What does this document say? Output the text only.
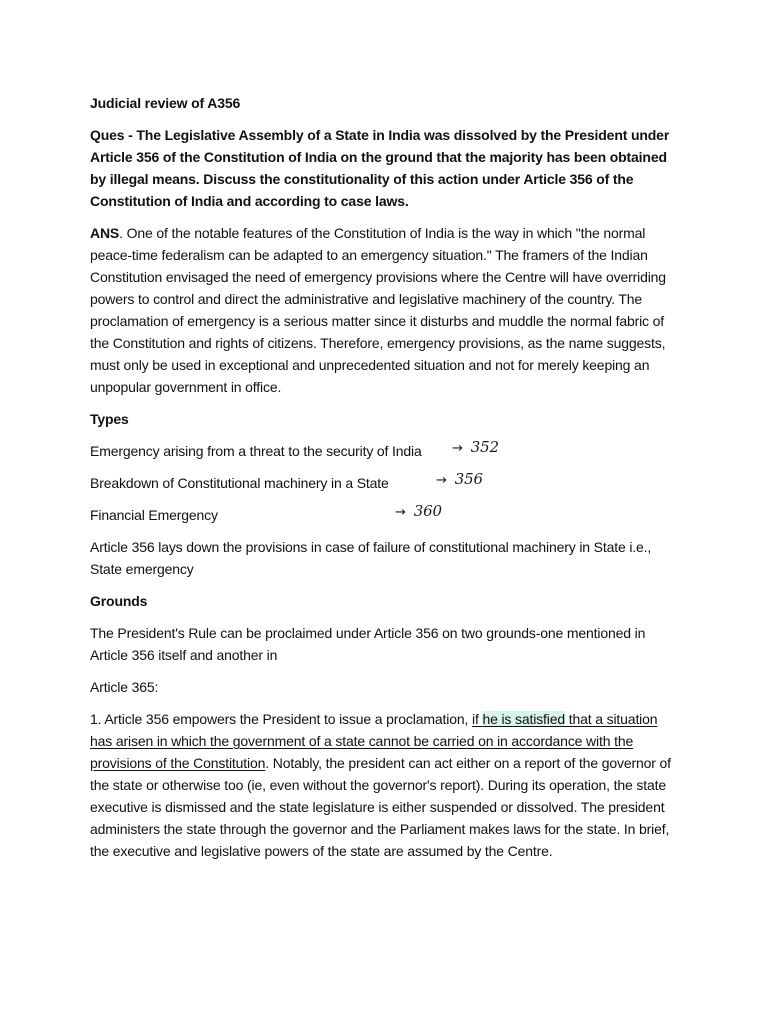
Judicial review of A356

Ques - The Legislative Assembly of a State in India was dissolved by the President under Article 356 of the Constitution of India on the ground that the majority has been obtained by illegal means. Discuss the constitutionality of this action under Article 356 of the Constitution of India and according to case laws.

ANS. One of the notable features of the Constitution of India is the way in which "the normal peace-time federalism can be adapted to an emergency situation." The framers of the Indian Constitution envisaged the need of emergency provisions where the Centre will have overriding powers to control and direct the administrative and legislative machinery of the country. The proclamation of emergency is a serious matter since it disturbs and muddle the normal fabric of the Constitution and rights of citizens. Therefore, emergency provisions, as the name suggests, must only be used in exceptional and unprecedented situation and not for merely keeping an unpopular government in office.

Types

Emergency arising from a threat to the security of India → 352
Breakdown of Constitutional machinery in a State	→ 356
Financial Emergency	→ 360

Article 356 lays down the provisions in case of failure of constitutional machinery in State i.e., State emergency

Grounds

The President's Rule can be proclaimed under Article 356 on two grounds-one mentioned in Article 356 itself and another in

Article 365:

1. Article 356 empowers the President to issue a proclamation, if he is satisfied that a situation has arisen in which the government of a state cannot be carried on in accordance with the provisions of the Constitution. Notably, the president can act either on a report of the governor of the state or otherwise too (ie, even without the governor's report). During its operation, the state executive is dismissed and the state legislature is either suspended or dissolved. The president administers the state through the governor and the Parliament makes laws for the state. In brief, the executive and legislative powers of the state are assumed by the Centre.
